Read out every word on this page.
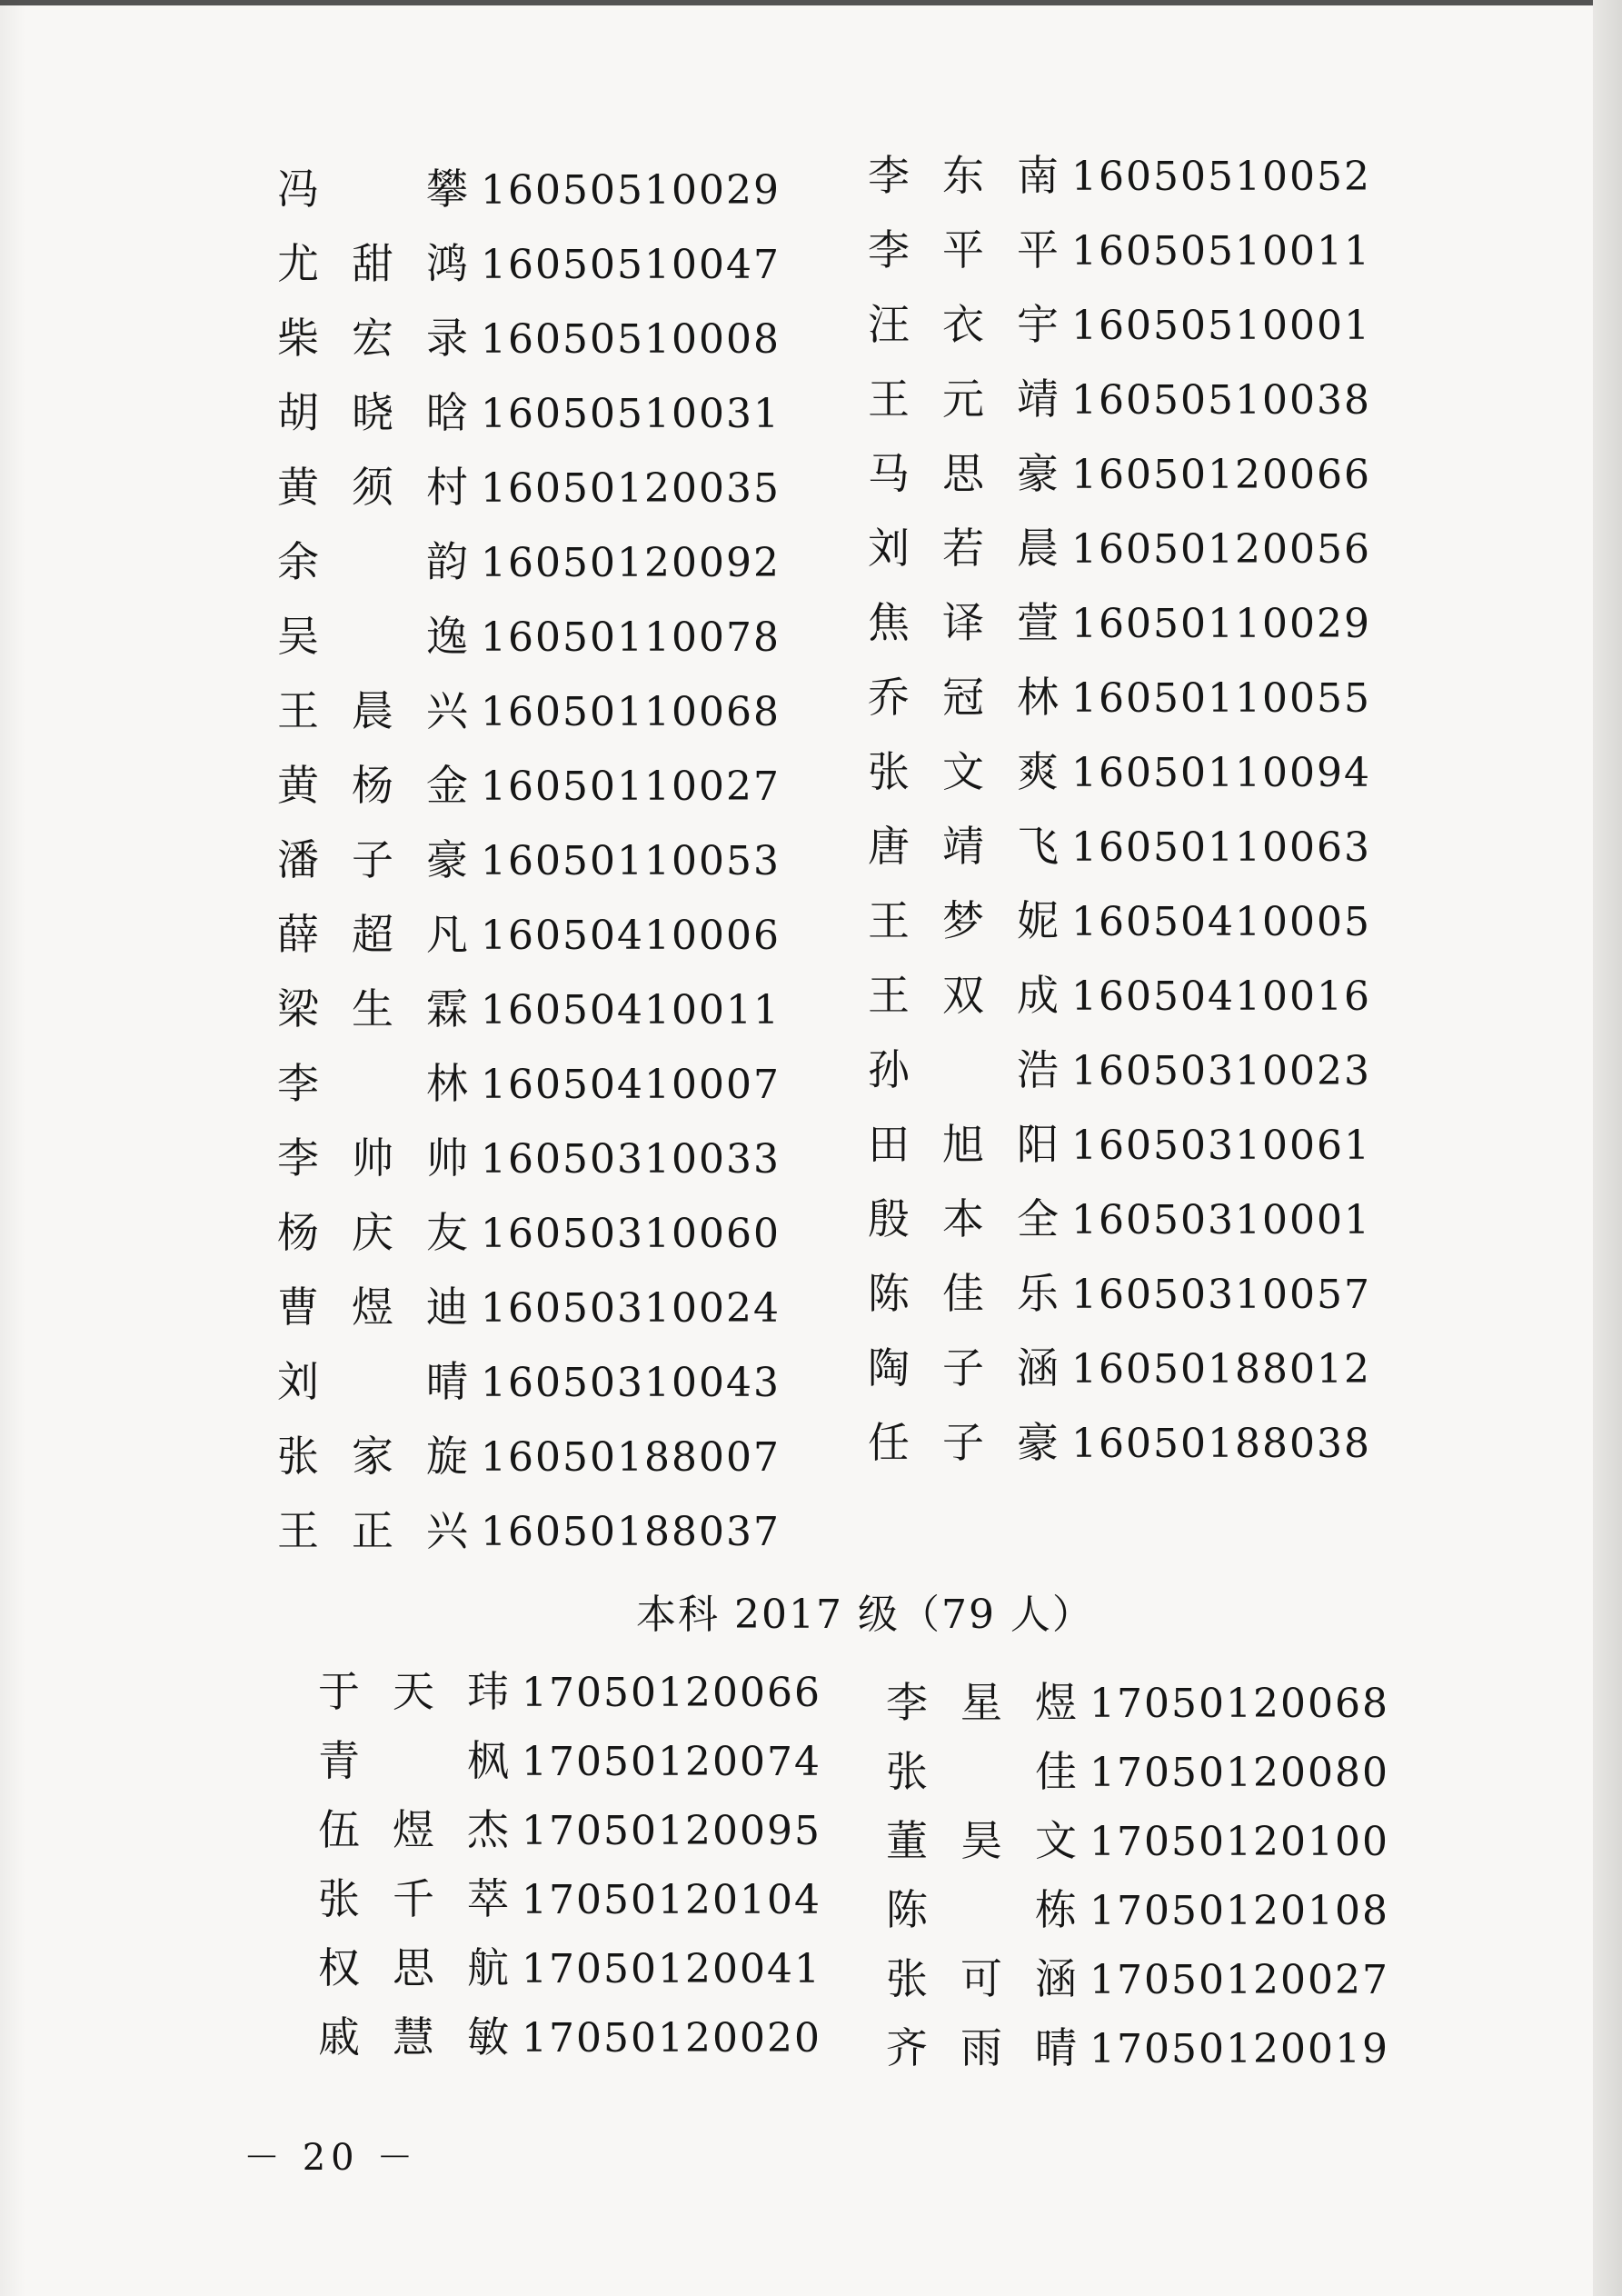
冯攀 16050510029
尤甜鸿 16050510047
柴宏录 16050510008
胡晓晗 16050510031
黄须村 16050120035
余韵 16050120092
吴逸 16050110078
王晨兴 16050110068
黄杨金 16050110027
潘子豪 16050110053
薛超凡 16050410006
梁生霖 16050410011
李林 16050410007
李帅帅 16050310033
杨庆友 16050310060
曹煜迪 16050310024
刘晴 16050310043
张家旋 16050188007
王正兴 16050188037
李东南 16050510052
李平平 16050510011
汪衣宇 16050510001
王元靖 16050510038
马思豪 16050120066
刘若晨 16050120056
焦译萱 16050110029
乔冠林 16050110055
张文爽 16050110094
唐靖飞 16050110063
王梦妮 16050410005
王双成 16050410016
孙浩 16050310023
田旭阳 16050310061
殷本全 16050310001
陈佳乐 16050310057
陶子涵 16050188012
任子豪 16050188038
本科 2017 级（79 人）
于天玮 17050120066
青枫 17050120074
伍煜杰 17050120095
张千萃 17050120104
权思航 17050120041
戚慧敏 17050120020
李星煜 17050120068
张佳 17050120080
董昊文 17050120100
陈栋 17050120108
张可涵 17050120027
齐雨晴 17050120019
－ 20 －
